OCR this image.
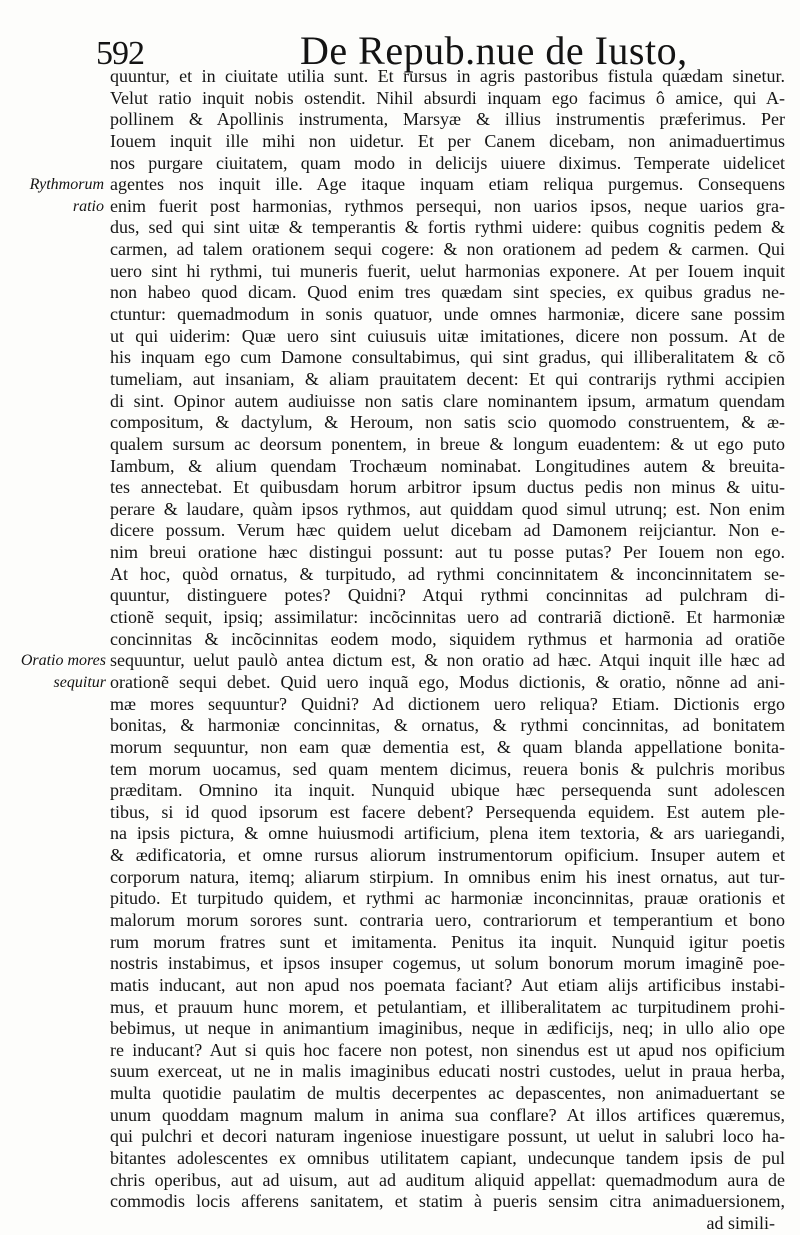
592	De Repub.nue de Iusto,
Rythmorum
ratio
Oratio mores
sequitur
quuntur, et in ciuitate utilia sunt. Et rursus in agris pastoribus fistula quædam sinetur.
Velut ratio inquit nobis ostendit. Nihil absurdi inquam ego facimus ô amice, qui A-
pollinem & Apollinis instrumenta, Marsyæ & illius instrumentis præferimus. Per
Iouem inquit ille mihi non uidetur. Et per Canem dicebam, non animaduertimus
nos purgare ciuitatem, quam modo in delicijs uiuere diximus. Temperate uidelicet
agentes nos inquit ille. Age itaque inquam etiam reliqua purgemus. Consequens
enim fuerit post harmonias, rythmos persequi, non uarios ipsos, neque uarios gra-
dus, sed qui sint uitæ & temperantis & fortis rythmi uidere: quibus cognitis pedem &
carmen, ad talem orationem sequi cogere: & non orationem ad pedem & carmen. Qui
uero sint hi rythmi, tui muneris fuerit, uelut harmonias exponere. At per Iouem inquit
non habeo quod dicam. Quod enim tres quædam sint species, ex quibus gradus ne-
ctuntur: quemadmodum in sonis quatuor, unde omnes harmoniæ, dicere sane possim
ut qui uiderim: Quæ uero sint cuiusuis uitæ imitationes, dicere non possum. At de
his inquam ego cum Damone consultabimus, qui sint gradus, qui illiberalitatem & cõ
tumeliam, aut insaniam, & aliam prauitatem decent: Et qui contrarijs rythmi accipien
di sint. Opinor autem audiuisse non satis clare nominantem ipsum, armatum quendam
compositum, & dactylum, & Heroum, non satis scio quomodo construentem, & æ-
qualem sursum ac deorsum ponentem, in breue & longum euadentem: & ut ego puto
Iambum, & alium quendam Trochæum nominabat. Longitudines autem & breuita-
tes annectebat. Et quibusdam horum arbitror ipsum ductus pedis non minus & uitu-
perare & laudare, quàm ipsos rythmos, aut quiddam quod simul utrunq; est. Non enim
dicere possum. Verum hæc quidem uelut dicebam ad Damonem reijciantur. Non e-
nim breui oratione hæc distingui possunt: aut tu posse putas? Per Iouem non ego.
At hoc, quòd ornatus, & turpitudo, ad rythmi concinnitatem & inconcinnitatem se-
quuntur, distinguere potes? Quidni? Atqui rythmi concinnitas ad pulchram di-
ctionẽ sequit, ipsiq; assimilatur: incõcinnitas uero ad contrariã dictionẽ. Et harmoniæ
concinnitas & incõcinnitas eodem modo, siquidem rythmus et harmonia ad oratiõe
sequuntur, uelut paulò antea dictum est, & non oratio ad hæc. Atqui inquit ille hæc ad
orationẽ sequi debet. Quid uero inquã ego, Modus dictionis, & oratio, nõnne ad ani-
mæ mores sequuntur? Quidni? Ad dictionem uero reliqua? Etiam. Dictionis ergo
bonitas, & harmoniæ concinnitas, & ornatus, & rythmi concinnitas, ad bonitatem
morum sequuntur, non eam quæ dementia est, & quam blanda appellatione bonita-
tem morum uocamus, sed quam mentem dicimus, reuera bonis & pulchris moribus
præditam. Omnino ita inquit. Nunquid ubique hæc persequenda sunt adolescen
tibus, si id quod ipsorum est facere debent? Persequenda equidem. Est autem ple-
na ipsis pictura, & omne huiusmodi artificium, plena item textoria, & ars uariegandi,
& ædificatoria, et omne rursus aliorum instrumentorum opificium. Insuper autem et
corporum natura, itemq; aliarum stirpium. In omnibus enim his inest ornatus, aut tur-
pitudo. Et turpitudo quidem, et rythmi ac harmoniæ inconcinnitas, prauæ orationis et
malorum morum sorores sunt. contraria uero, contrariorum et temperantium et bono
rum morum fratres sunt et imitamenta. Penitus ita inquit. Nunquid igitur poetis
nostris instabimus, et ipsos insuper cogemus, ut solum bonorum morum imaginẽ poe-
matis inducant, aut non apud nos poemata faciant? Aut etiam alijs artificibus instabi-
mus, et prauum hunc morem, et petulantiam, et illiberalitatem ac turpitudinem prohi-
bebimus, ut neque in animantium imaginibus, neque in ædificijs, neq; in ullo alio ope
re inducant? Aut si quis hoc facere non potest, non sinendus est ut apud nos opificium
suum exerceat, ut ne in malis imaginibus educati nostri custodes, uelut in praua herba,
multa quotidie paulatim de multis decerpentes ac depascentes, non animaduertant se
unum quoddam magnum malum in anima sua conflare? At illos artifices quæremus,
qui pulchri et decori naturam ingeniose inuestigare possunt, ut uelut in salubri loco ha-
bitantes adolescentes ex omnibus utilitatem capiant, undecunque tandem ipsis de pul
chris operibus, aut ad uisum, aut ad auditum aliquid appellat: quemadmodum aura de
commodis locis afferens sanitatem, et statim à pueris sensim citra animaduersionem,
ad simili-
